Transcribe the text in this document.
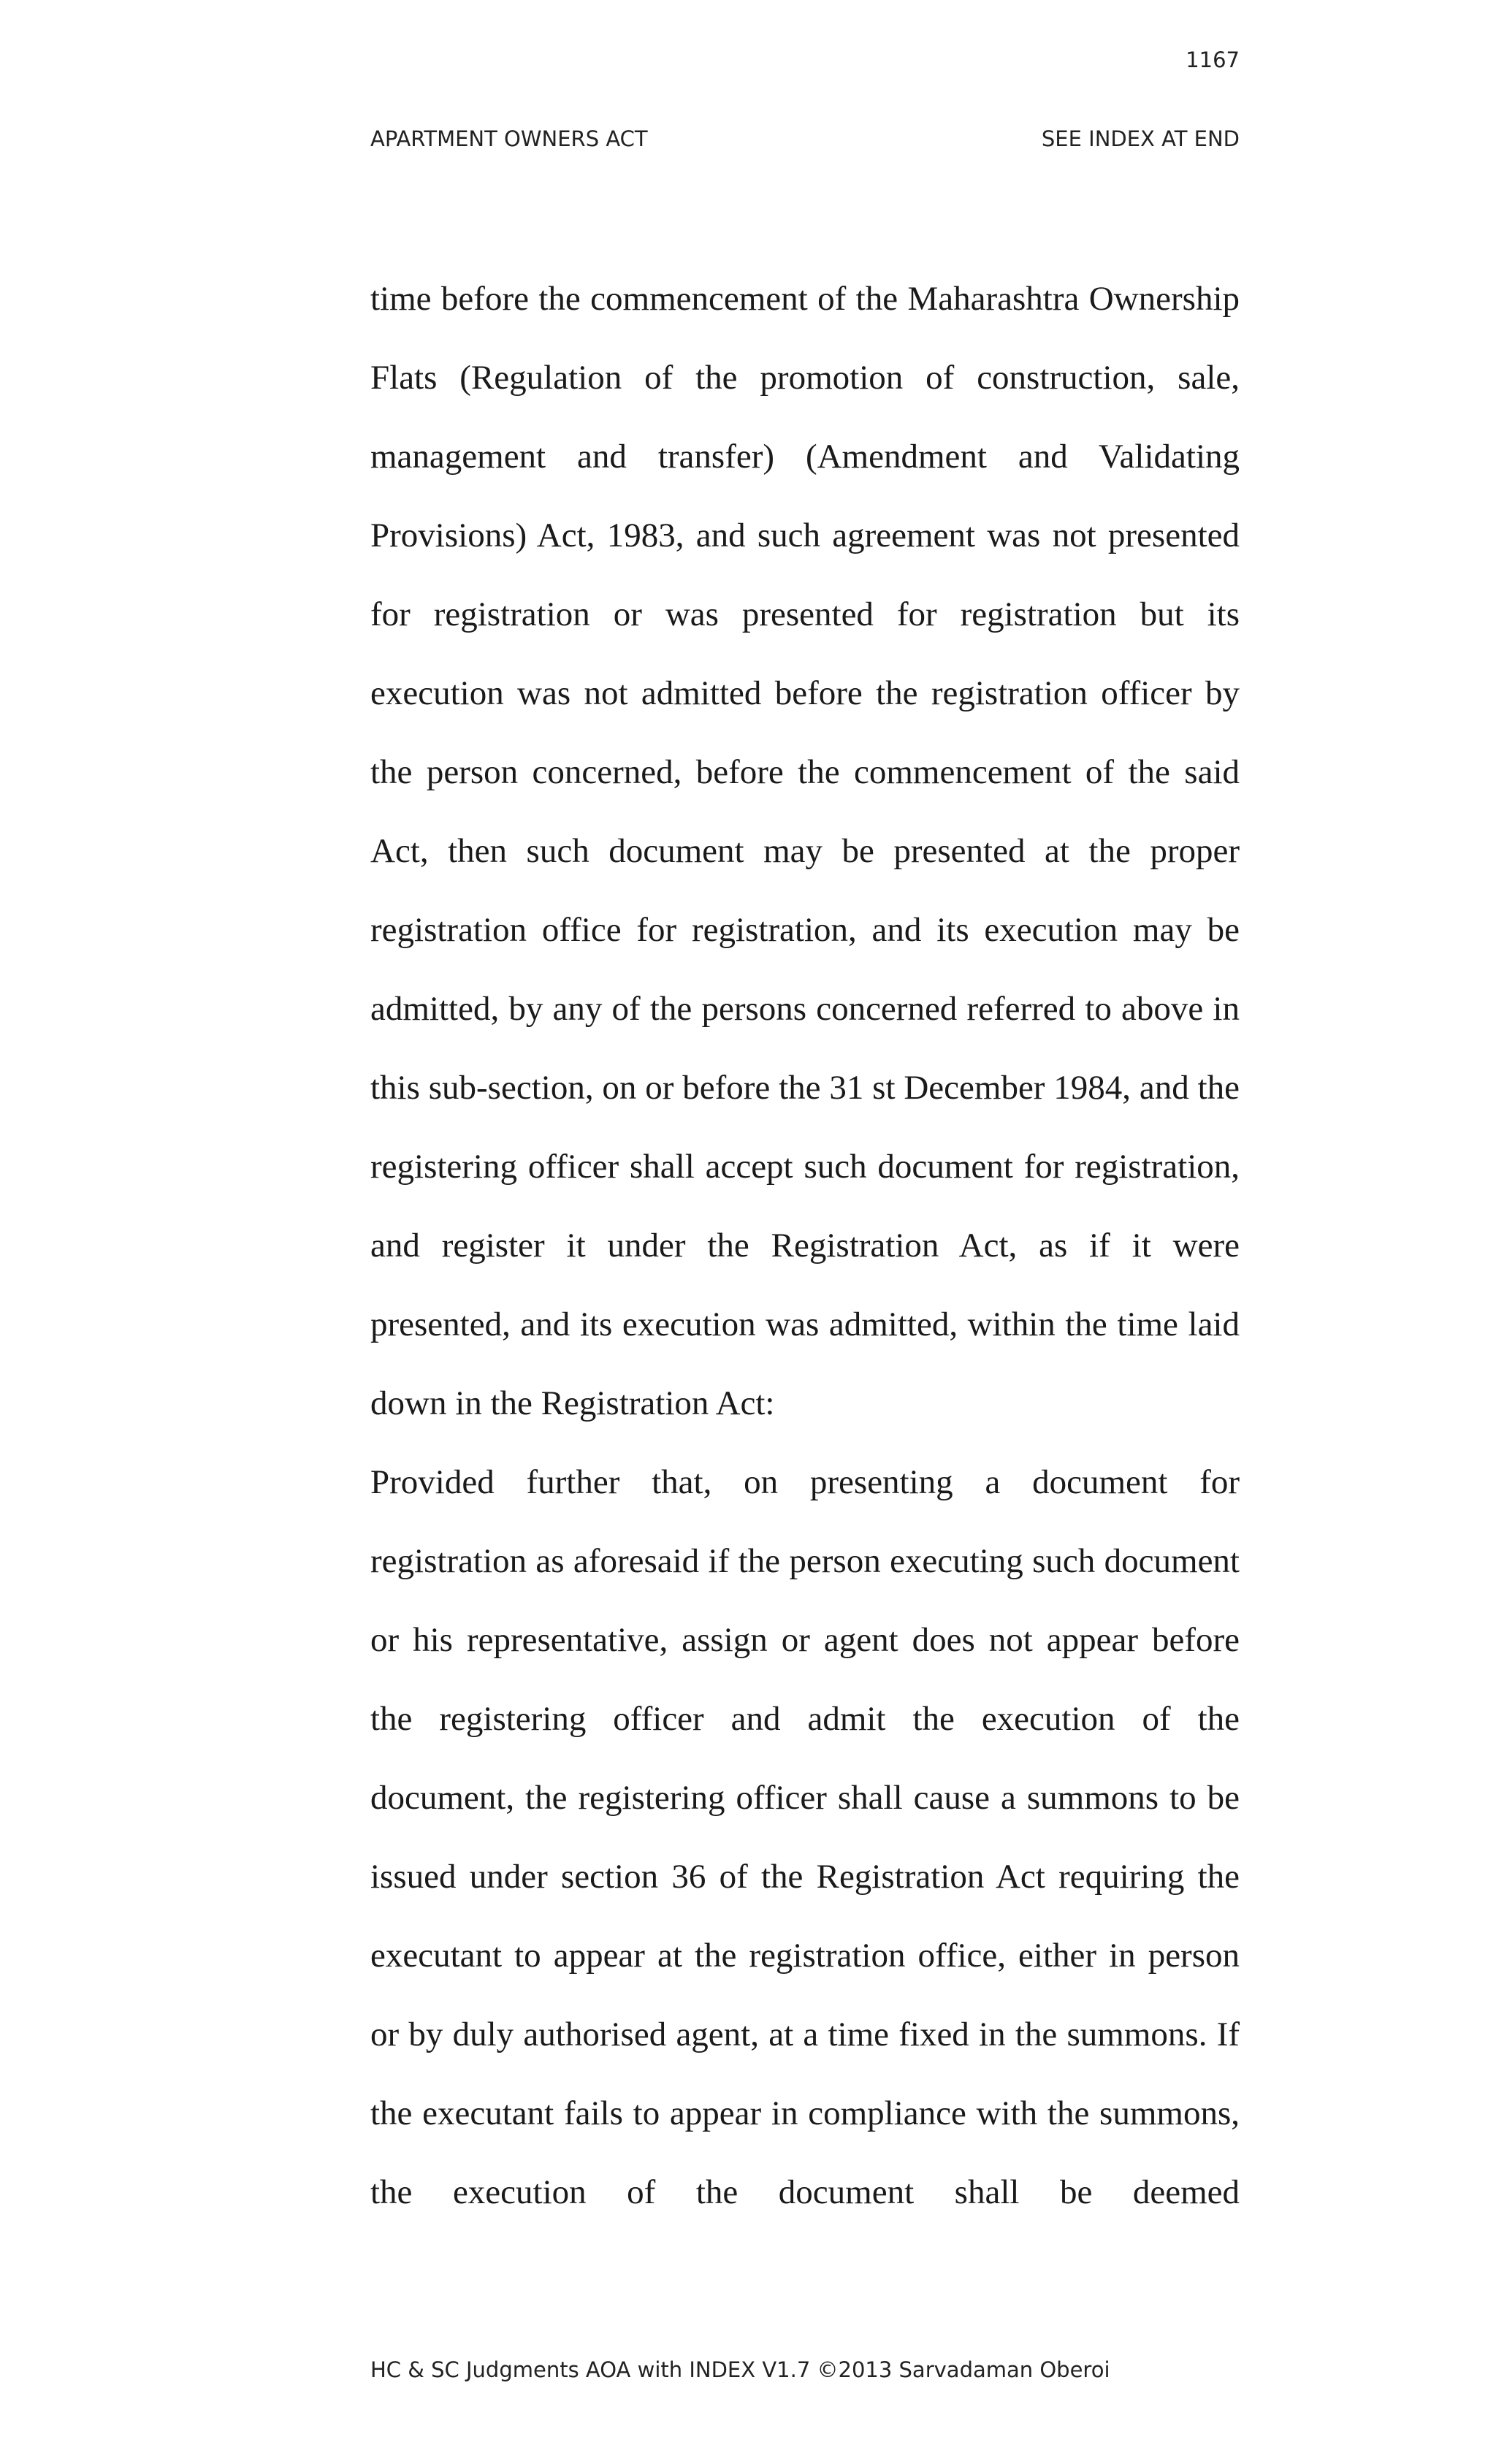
1167
APARTMENT OWNERS ACT	SEE INDEX AT END

time before the commencement of the Maharashtra Ownership Flats (Regulation of the promotion of construction, sale, management and transfer) (Amendment and Validating Provisions) Act, 1983, and such agreement was not presented for registration or was presented for registration but its execution was not admitted before the registration officer by the person concerned, before the commencement of the said Act, then such document may be presented at the proper registration office for registration, and its execution may be admitted, by any of the persons concerned referred to above in this sub-section, on or before the 31 st December 1984, and the registering officer shall accept such document for registration, and register it under the Registration Act, as if it were presented, and its execution was admitted, within the time laid down in the Registration Act:

Provided further that, on presenting a document for registration as aforesaid if the person executing such document or his representative, assign or agent does not appear before the registering officer and admit the execution of the document, the registering officer shall cause a summons to be issued under section 36 of the Registration Act requiring the executant to appear at the registration office, either in person or by duly authorised agent, at a time fixed in the summons. If the executant fails to appear in compliance with the summons, the execution of the document shall be deemed

HC & SC Judgments AOA with INDEX V1.7 ©2013 Sarvadaman Oberoi
